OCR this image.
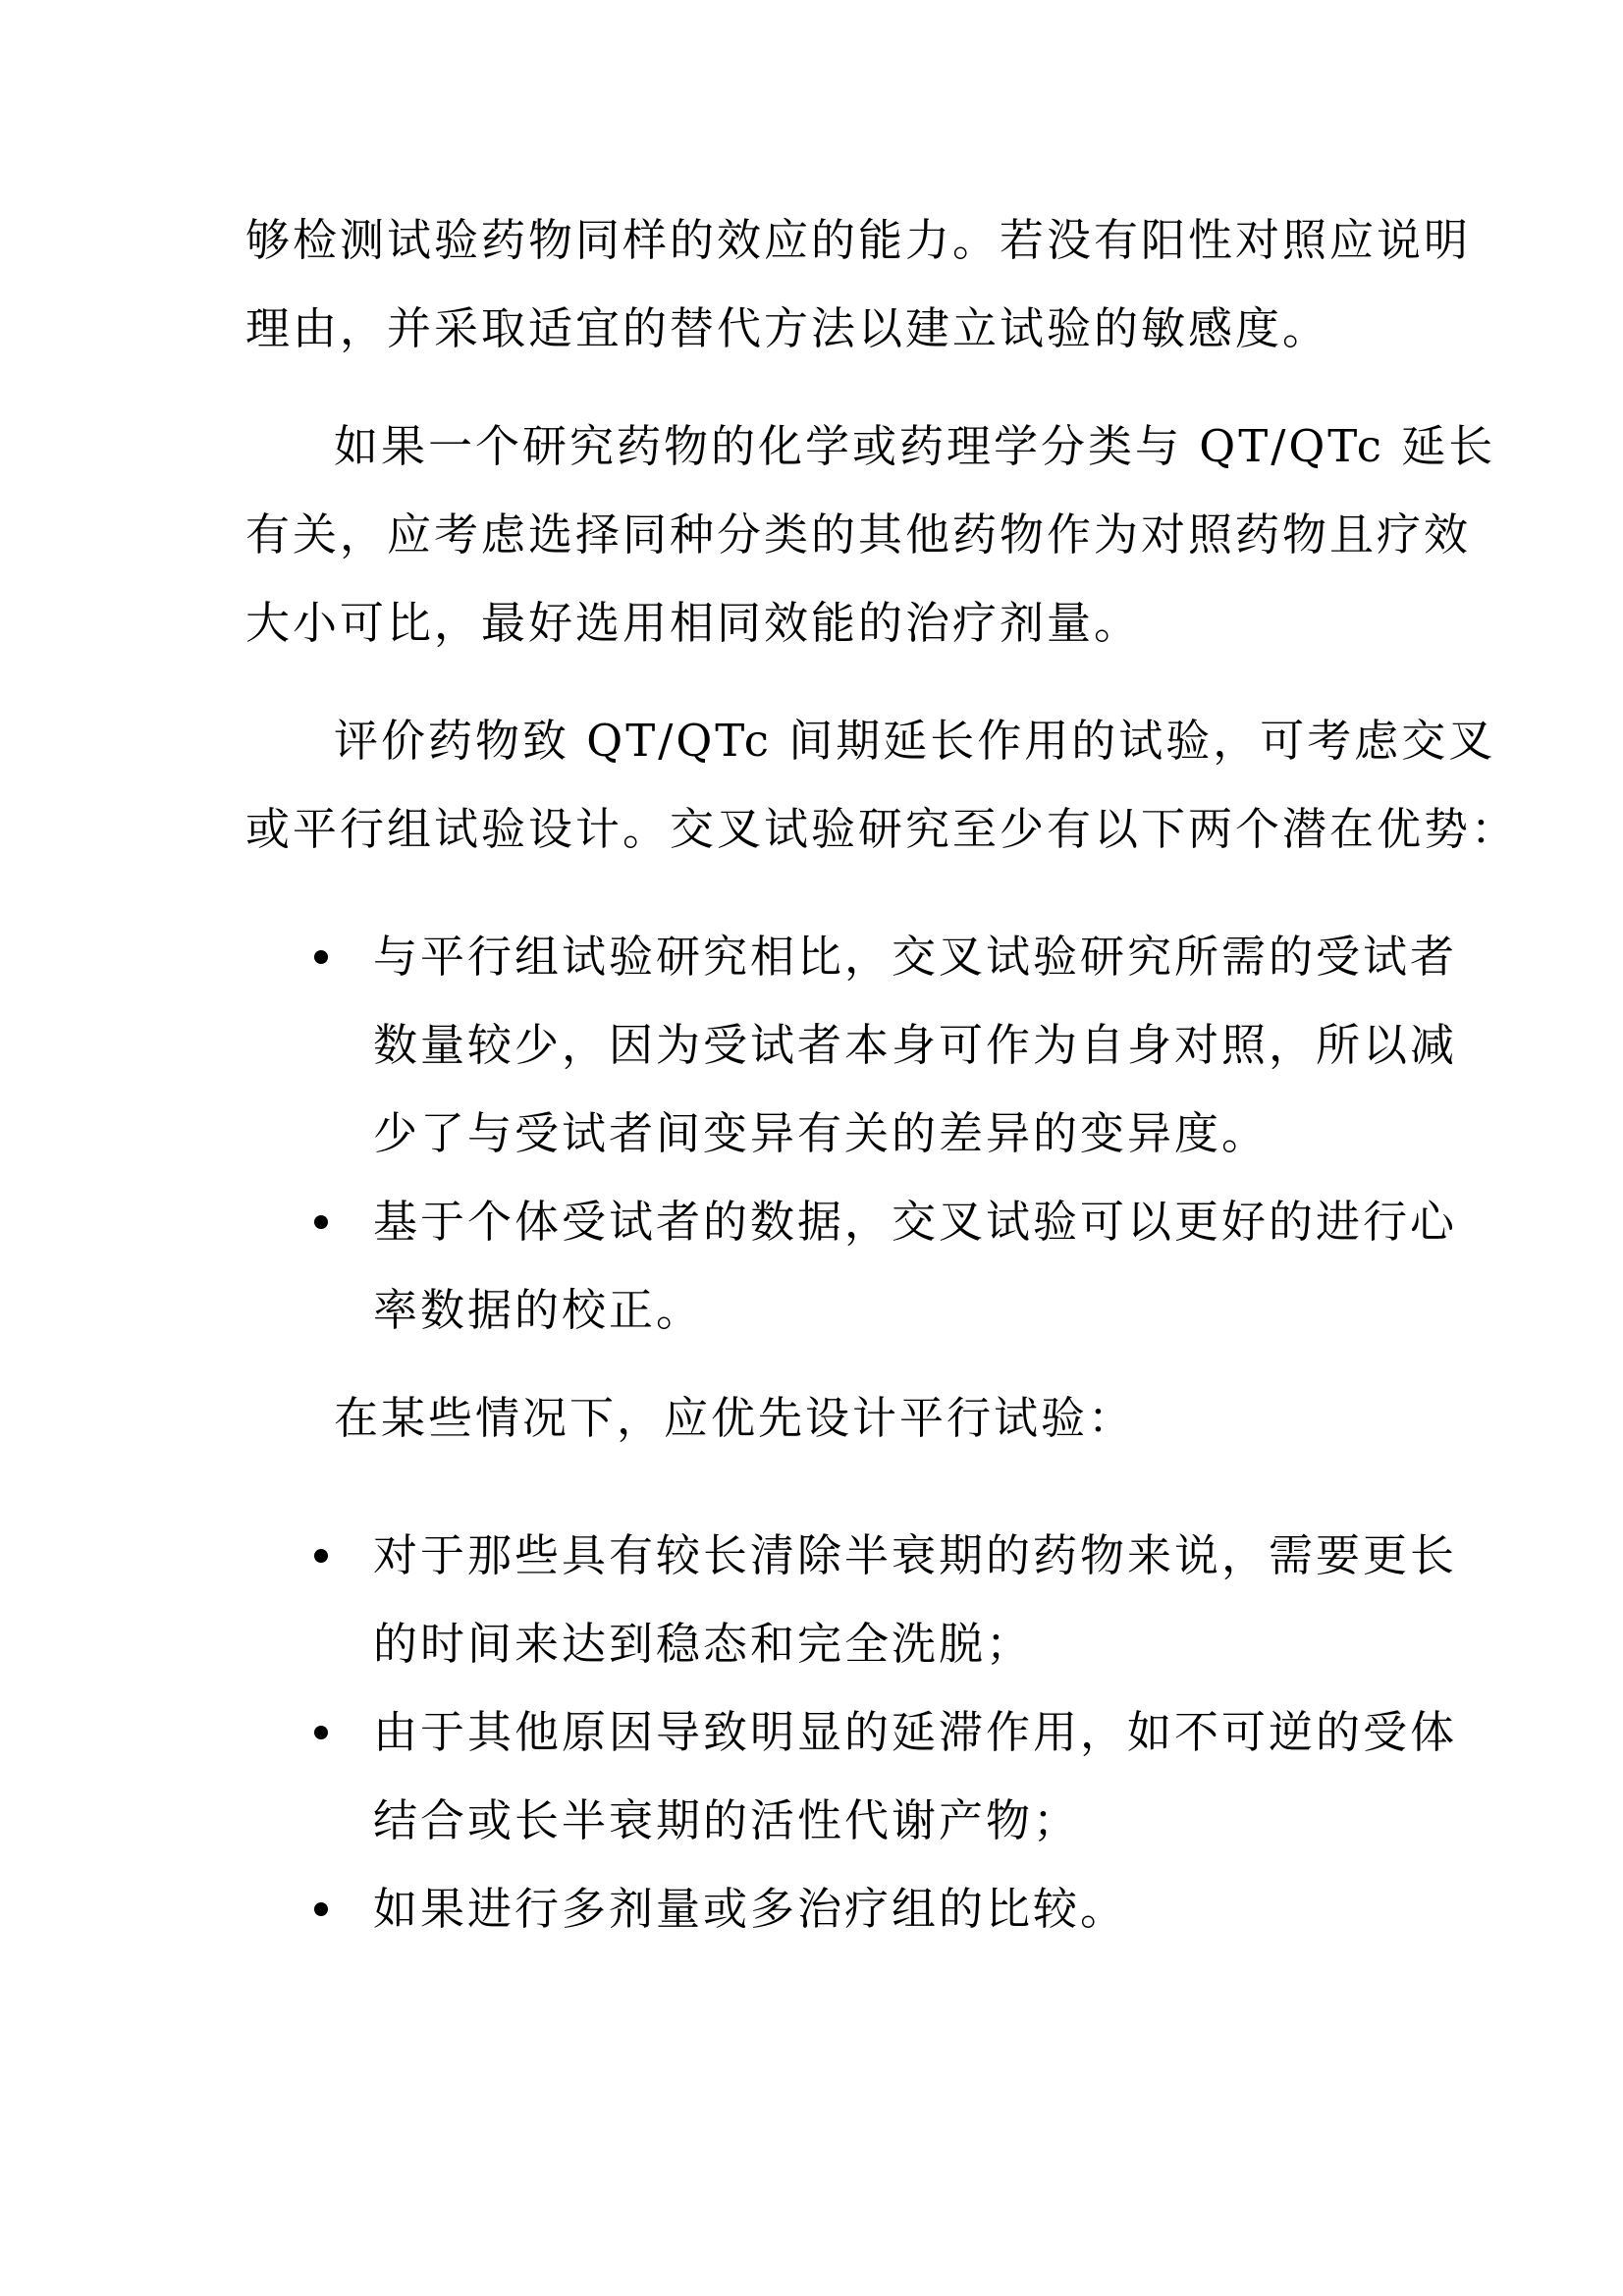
够检测试验药物同样的效应的能力。若没有阳性对照应说明
理由，并采取适宜的替代方法以建立试验的敏感度。
如果一个研究药物的化学或药理学分类与 QT/QTc 延长
有关，应考虑选择同种分类的其他药物作为对照药物且疗效
大小可比，最好选用相同效能的治疗剂量。
评价药物致 QT/QTc 间期延长作用的试验，可考虑交叉
或平行组试验设计。交叉试验研究至少有以下两个潜在优势：
与平行组试验研究相比，交叉试验研究所需的受试者
数量较少，因为受试者本身可作为自身对照，所以减
少了与受试者间变异有关的差异的变异度。
基于个体受试者的数据，交叉试验可以更好的进行心
率数据的校正。
在某些情况下，应优先设计平行试验：
对于那些具有较长清除半衰期的药物来说，需要更长
的时间来达到稳态和完全洗脱；
由于其他原因导致明显的延滞作用，如不可逆的受体
结合或长半衰期的活性代谢产物；
如果进行多剂量或多治疗组的比较。
